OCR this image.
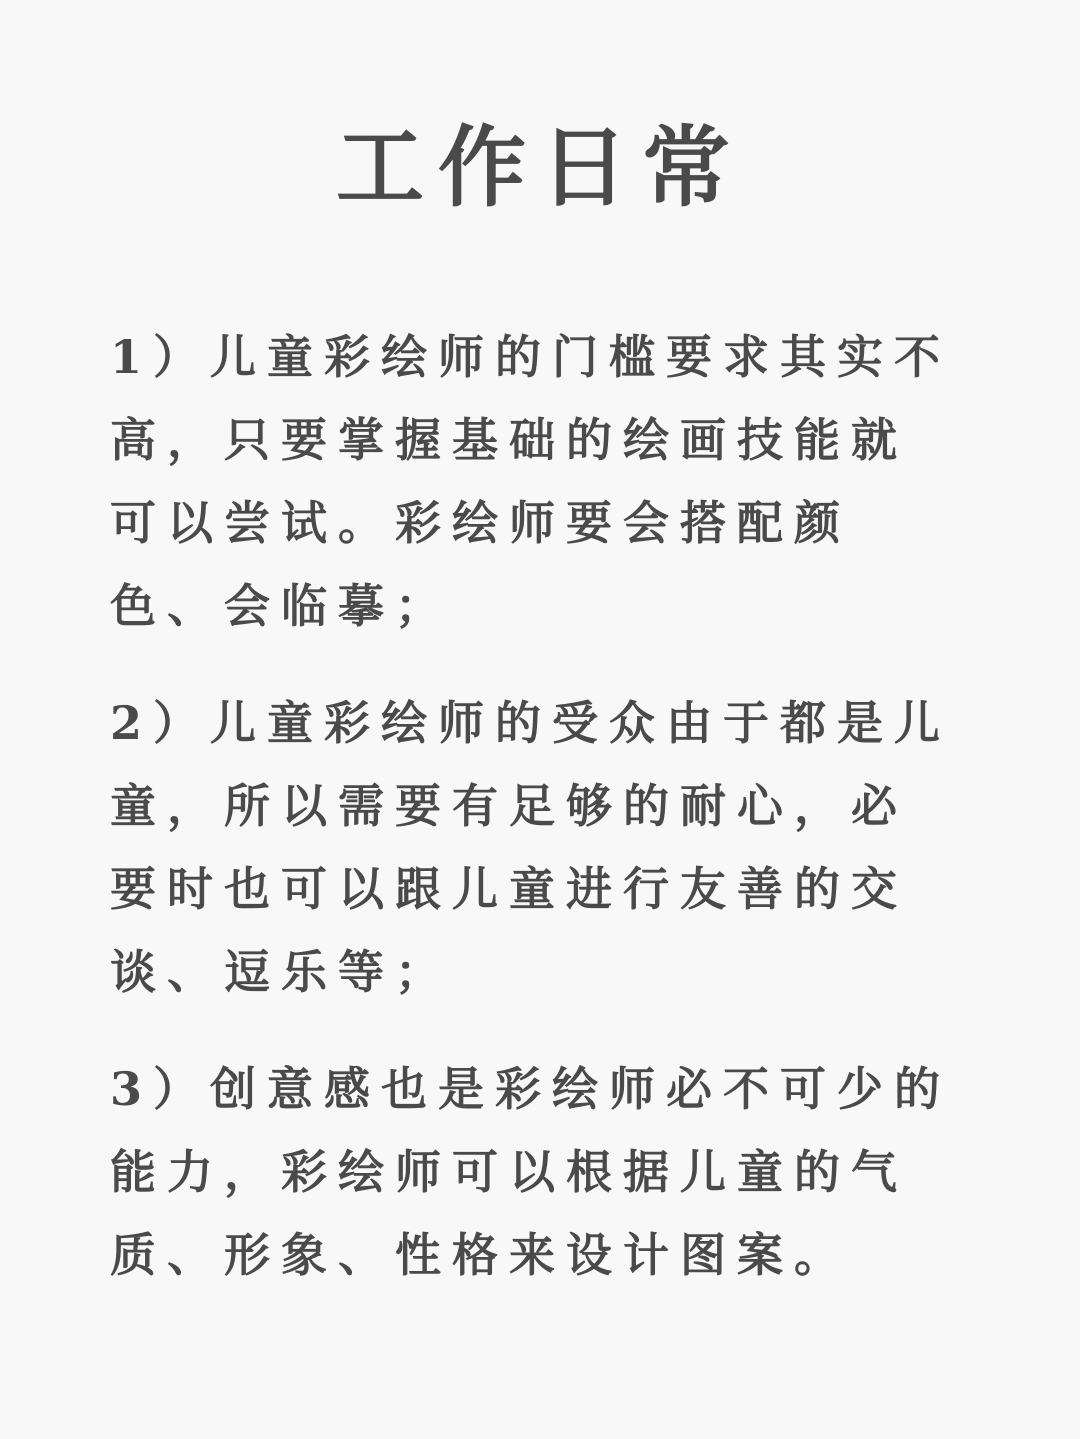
工作日常
1）儿童彩绘师的门槛要求其实不
高，只要掌握基础的绘画技能就
可以尝试。彩绘师要会搭配颜
色、会临摹；
2）儿童彩绘师的受众由于都是儿
童，所以需要有足够的耐心，必
要时也可以跟儿童进行友善的交
谈、逗乐等；
3）创意感也是彩绘师必不可少的
能力，彩绘师可以根据儿童的气
质、形象、性格来设计图案。
